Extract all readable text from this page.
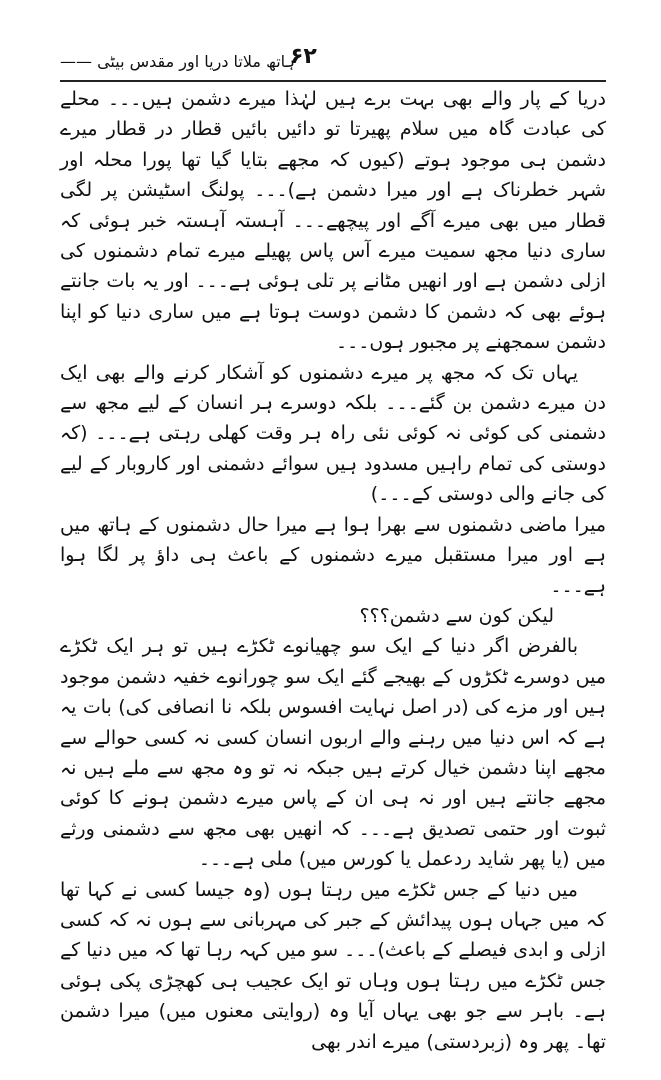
ہاتھ ملاتا دریا اور مقدس بیٹی ——
۶۲

دریا کے پار والے بھی بہت برے ہیں لہٰذا میرے دشمن ہیں۔۔۔ محلے کی عبادت گاہ میں سلام پھیرتا تو دائیں بائیں قطار در قطار میرے دشمن ہی موجود ہوتے (کیوں کہ مجھے بتایا گیا تھا پورا محلہ اور شہر خطرناک ہے اور میرا دشمن ہے)۔۔۔ پولنگ اسٹیشن پر لگی قطار میں بھی میرے آگے اور پیچھے۔۔۔ آہستہ آہستہ خبر ہوئی کہ ساری دنیا مجھ سمیت میرے آس پاس پھیلے میرے تمام دشمنوں کی ازلی دشمن ہے اور انھیں مٹانے پر تلی ہوئی ہے۔۔۔ اور یہ بات جانتے ہوئے بھی کہ دشمن کا دشمن دوست ہوتا ہے میں ساری دنیا کو اپنا دشمن سمجھنے پر مجبور ہوں۔۔۔

یہاں تک کہ مجھ پر میرے دشمنوں کو آشکار کرنے والے بھی ایک دن میرے دشمن بن گئے۔۔۔ بلکہ دوسرے ہر انسان کے لیے مجھ سے دشمنی کی کوئی نہ کوئی نئی راہ ہر وقت کھلی رہتی ہے۔۔۔ (کہ دوستی کی تمام راہیں مسدود ہیں سوائے دشمنی اور کاروبار کے لیے کی جانے والی دوستی کے۔۔۔)

میرا ماضی دشمنوں سے بھرا ہوا ہے میرا حال دشمنوں کے ہاتھ میں ہے اور میرا مستقبل میرے دشمنوں کے باعث ہی داؤ پر لگا ہوا ہے۔۔۔

لیکن کون سے دشمن؟؟؟

بالفرض اگر دنیا کے ایک سو چھیانوے ٹکڑے ہیں تو ہر ایک ٹکڑے میں دوسرے ٹکڑوں کے بھیجے گئے ایک سو چورانوے خفیہ دشمن موجود ہیں اور مزے کی (در اصل نہایت افسوس بلکہ نا انصافی کی) بات یہ ہے کہ اس دنیا میں رہنے والے اربوں انسان کسی نہ کسی حوالے سے مجھے اپنا دشمن خیال کرتے ہیں جبکہ نہ تو وہ مجھ سے ملے ہیں نہ مجھے جانتے ہیں اور نہ ہی ان کے پاس میرے دشمن ہونے کا کوئی ثبوت اور حتمی تصدیق ہے۔۔۔ کہ انھیں بھی مجھ سے دشمنی ورثے میں (یا پھر شاید ردعمل یا کورس میں) ملی ہے۔۔۔

میں دنیا کے جس ٹکڑے میں رہتا ہوں (وہ جیسا کسی نے کہا تھا کہ میں جہاں ہوں پیدائش کے جبر کی مہربانی سے ہوں نہ کہ کسی ازلی و ابدی فیصلے کے باعث)۔۔۔ سو میں کہہ رہا تھا کہ میں دنیا کے جس ٹکڑے میں رہتا ہوں وہاں تو ایک عجیب ہی کھچڑی پکی ہوئی ہے۔ باہر سے جو بھی یہاں آیا وہ (روایتی معنوں میں) میرا دشمن تھا۔ پھر وہ (زبردستی) میرے اندر بھی
